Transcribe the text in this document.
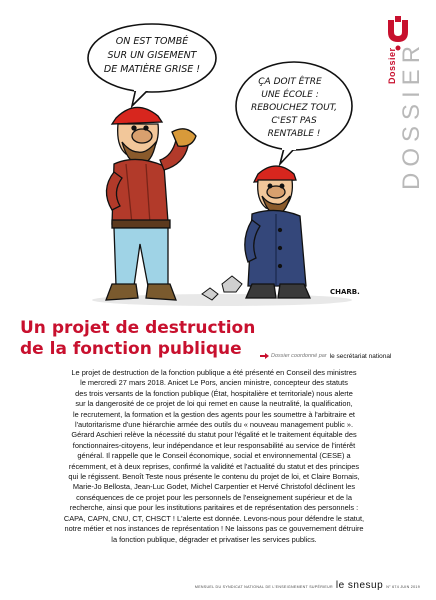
Dossier DOSSIER
ON EST TOMBÉ
SUR UN GISEMENT
DE MATIÈRE GRISE !
ÇA DOIT ÊTRE
UNE ÉCOLE :
REBOUCHEZ TOUT,
C'EST PAS
RENTABLE !
CHARB.
Un projet de destruction
de la fonction publique	Dossier coordonné par le secrétariat national
Le projet de destruction de la fonction publique a été présenté en Conseil des ministres
le mercredi 27 mars 2018. Anicet Le Pors, ancien ministre, concepteur des statuts
des trois versants de la fonction publique (État, hospitalière et territoriale) nous alerte
sur la dangerosité de ce projet de loi qui remet en cause la neutralité, la qualification,
le recrutement, la formation et la gestion des agents pour les soumettre à l'arbitraire et
l'autoritarisme d'une hiérarchie armée des outils du « nouveau management public ».
Gérard Aschieri relève la nécessité du statut pour l'égalité et le traitement équitable des
fonctionnaires-citoyens, leur indépendance et leur responsabilité au service de l'intérêt
général. Il rappelle que le Conseil économique, social et environnemental (CESE) a
récemment, et à deux reprises, confirmé la validité et l'actualité du statut et des principes
qui le régissent. Benoît Teste nous présente le contenu du projet de loi, et Claire Bornais,
Marie-Jo Bellosta, Jean-Luc Godet, Michel Carpentier et Hervé Christofol déclinent les
conséquences de ce projet pour les personnels de l'enseignement supérieur et de la
recherche, ainsi que pour les institutions paritaires et de représentation des personnels :
CAPA, CAPN, CNU, CT, CHSCT ! L'alerte est donnée. Levons-nous pour défendre le statut,
notre métier et nos instances de représentation ! Ne laissons pas ce gouvernement détruire
la fonction publique, dégrader et privatiser les services publics.
MENSUEL DU SYNDICAT NATIONAL DE L'ENSEIGNEMENT SUPÉRIEUR le snesup N° 674 JUIN 2019
